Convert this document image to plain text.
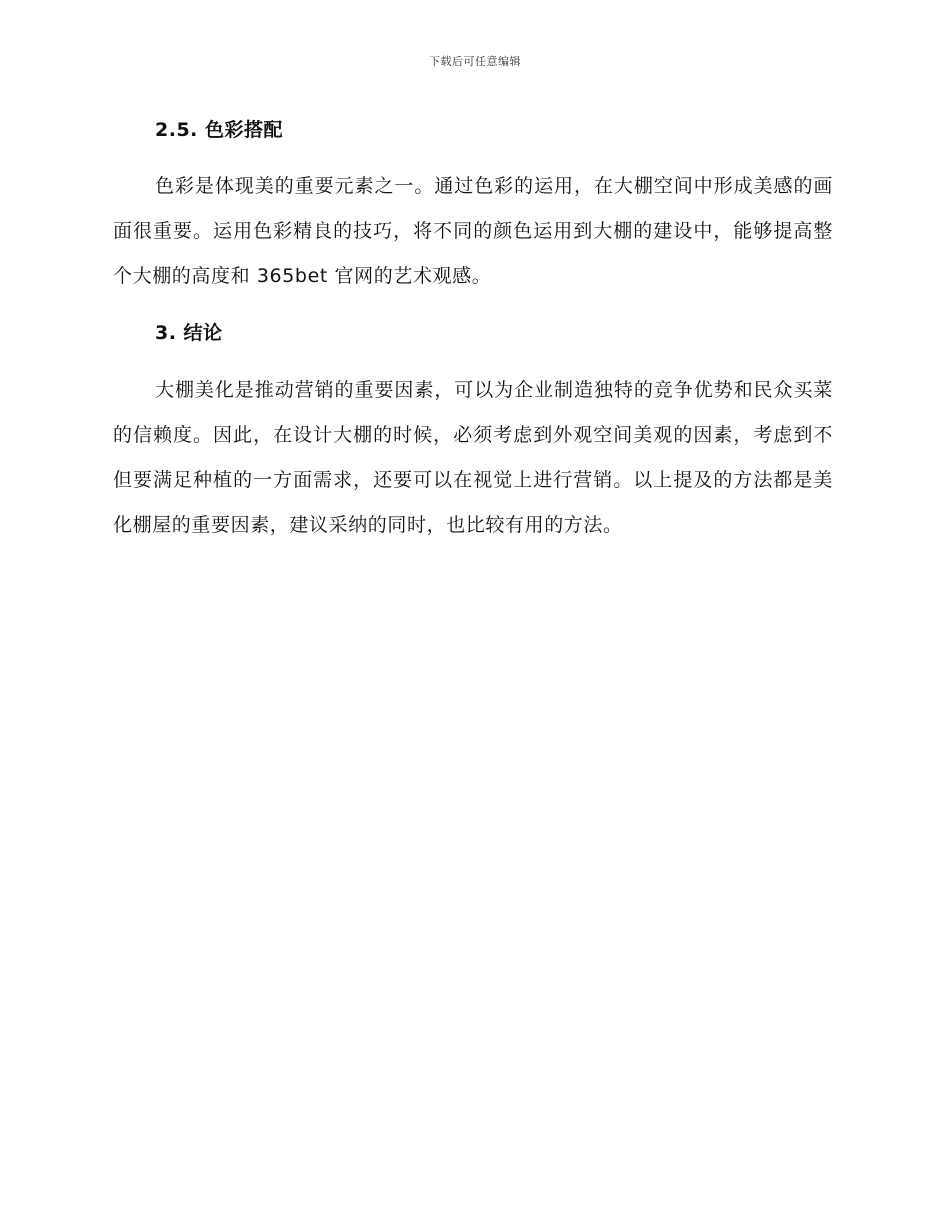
下载后可任意编辑
2.5. 色彩搭配

色彩是体现美的重要元素之一。通过色彩的运用，在大棚空间中形成美感的画面很重要。运用色彩精良的技巧，将不同的颜色运用到大棚的建设中，能够提高整个大棚的高度和 365bet 官网的艺术观感。

3. 结论

大棚美化是推动营销的重要因素，可以为企业制造独特的竞争优势和民众买菜的信赖度。因此，在设计大棚的时候，必须考虑到外观空间美观的因素，考虑到不但要满足种植的一方面需求，还要可以在视觉上进行营销。以上提及的方法都是美化棚屋的重要因素，建议采纳的同时，也比较有用的方法。
